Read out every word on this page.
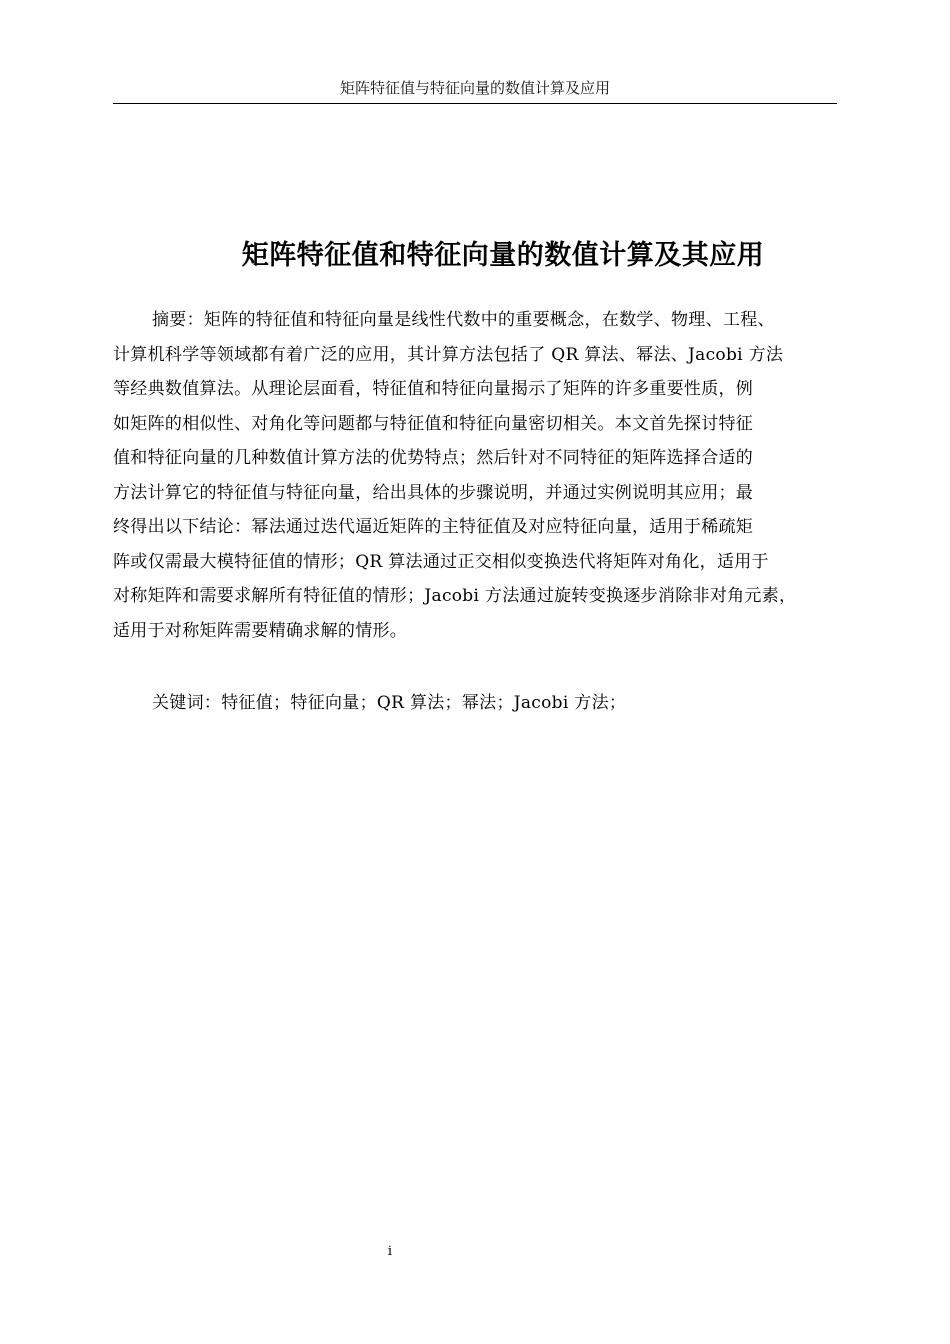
矩阵特征值与特征向量的数值计算及应用
矩阵特征值和特征向量的数值计算及其应用
摘要：矩阵的特征值和特征向量是线性代数中的重要概念，在数学、物理、工程、
计算机科学等领域都有着广泛的应用，其计算方法包括了 QR 算法、幂法、Jacobi 方法
等经典数值算法。从理论层面看，特征值和特征向量揭示了矩阵的许多重要性质，例
如矩阵的相似性、对角化等问题都与特征值和特征向量密切相关。本文首先探讨特征
值和特征向量的几种数值计算方法的优势特点；然后针对不同特征的矩阵选择合适的
方法计算它的特征值与特征向量，给出具体的步骤说明，并通过实例说明其应用；最
终得出以下结论：幂法通过迭代逼近矩阵的主特征值及对应特征向量，适用于稀疏矩
阵或仅需最大模特征值的情形；QR 算法通过正交相似变换迭代将矩阵对角化，适用于
对称矩阵和需要求解所有特征值的情形；Jacobi 方法通过旋转变换逐步消除非对角元素，
适用于对称矩阵需要精确求解的情形。
关键词：特征值；特征向量；QR 算法；幂法；Jacobi 方法；
i
